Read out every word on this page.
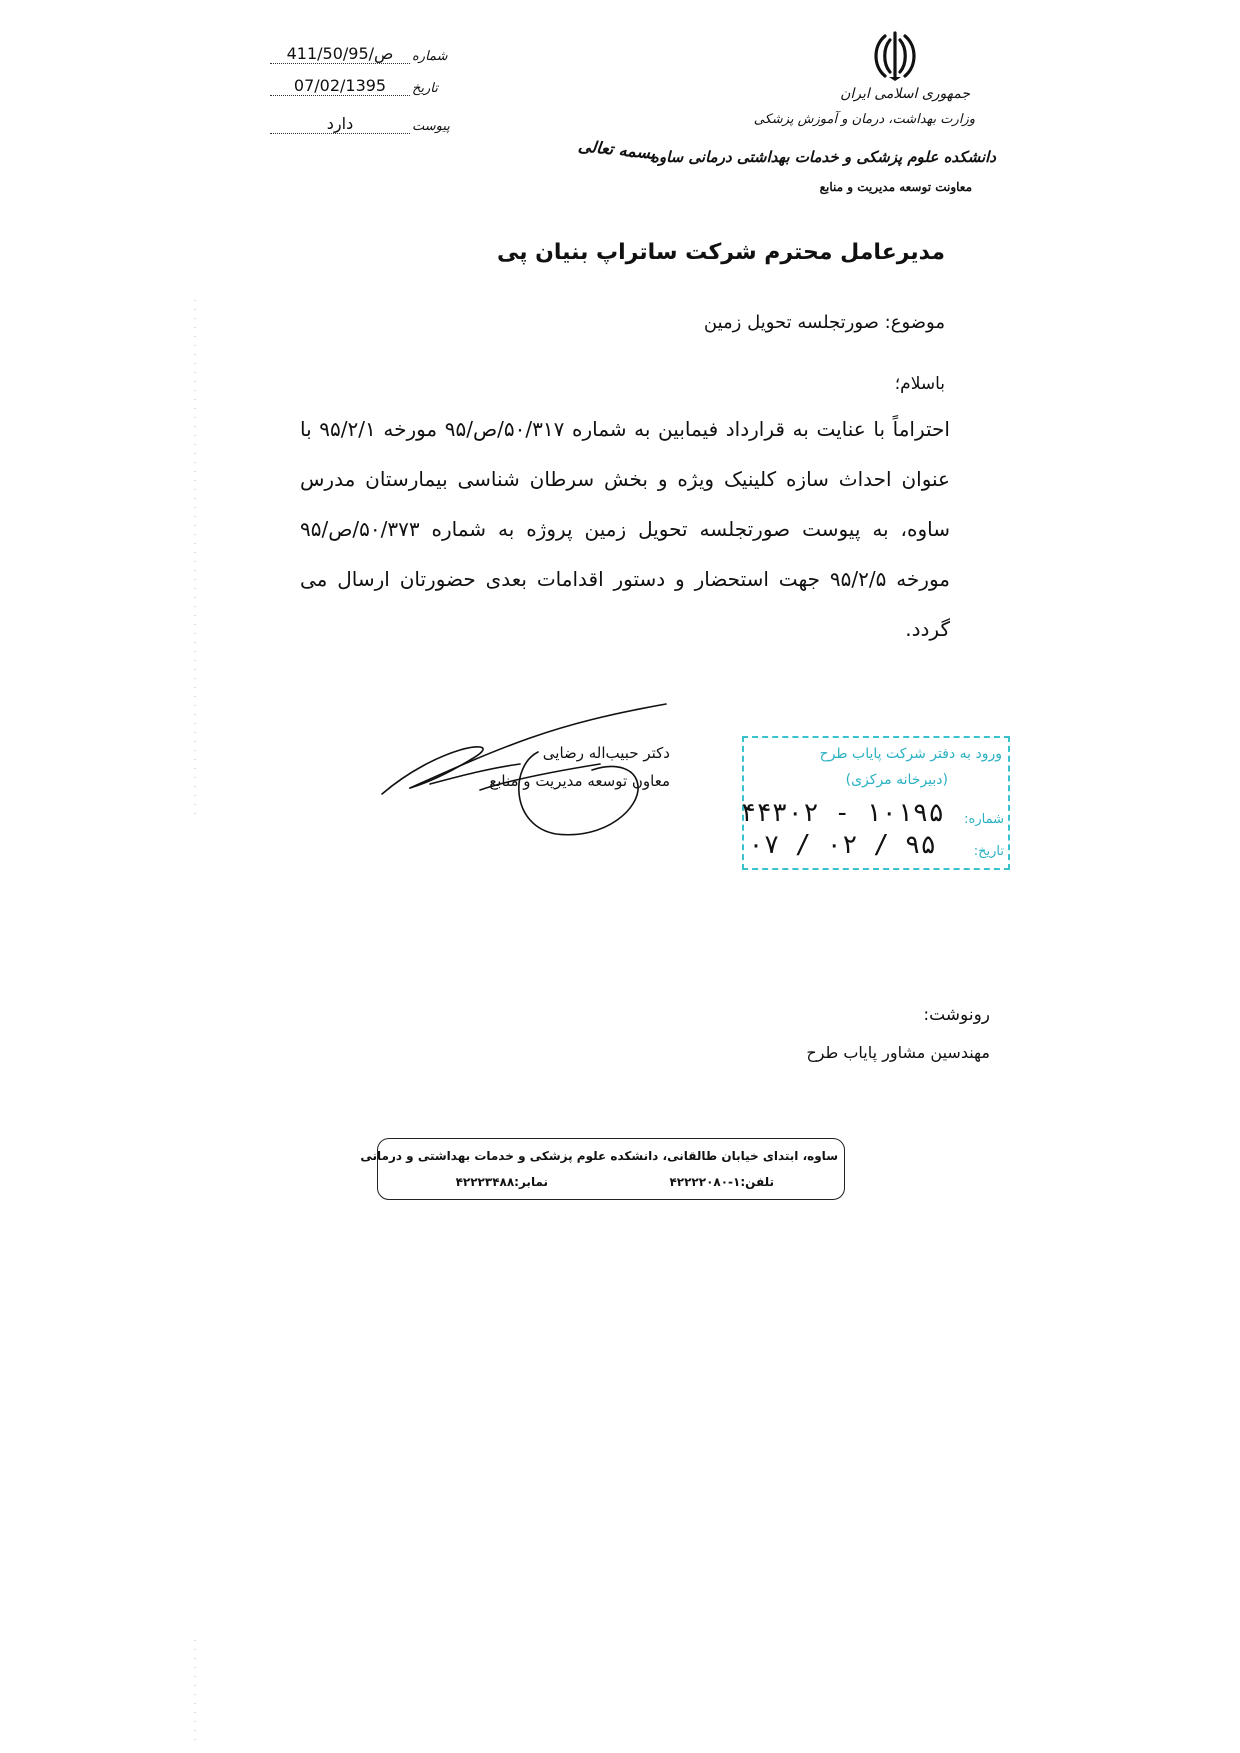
شماره
411/50/ص/95
تاریخ
07/02/1395
پیوست
دارد
جمهوری اسلامی ایران
وزارت بهداشت، درمان و آموزش پزشکی
دانشکده علوم پزشکی و خدمات بهداشتی درمانی ساوه
معاونت توسعه مدیریت و منابع
بسمه تعالی
مدیرعامل محترم شرکت ساتراپ بنیان پی
موضوع: صورتجلسه تحویل زمین
باسلام؛
احتراماً با عنایت به قرارداد فیمابین به شماره ۵۰/۳۱۷/ص/۹۵ مورخه ۹۵/۲/۱ با عنوان احداث سازه کلینیک ویژه و بخش سرطان شناسی بیمارستان مدرس ساوه، به پیوست صورتجلسه تحویل زمین پروژه به شماره ۵۰/۳۷۳/ص/۹۵ مورخه ۹۵/۲/۵ جهت استحضار و دستور اقدامات بعدی حضورتان ارسال می گردد.
دکتر حبیب‌اله رضایی
معاون توسعه مدیریت و منابع
ورود به دفتر شرکت پایاب طرح
(دبیرخانه مرکزی)
شماره:
۱۰۱۹۵ - ۴۴۳۰۲
تاریخ:
۹۵ / ۰۲ / ۰۷
رونوشت:
مهندسین مشاور پایاب طرح
ساوه، ابتدای خیابان طالقانی، دانشکده علوم پزشکی و خدمات بهداشتی و درمانی
تلفن:۱-۴۲۲۲۲۰۸۰
نمابر:۴۲۲۲۳۴۸۸
